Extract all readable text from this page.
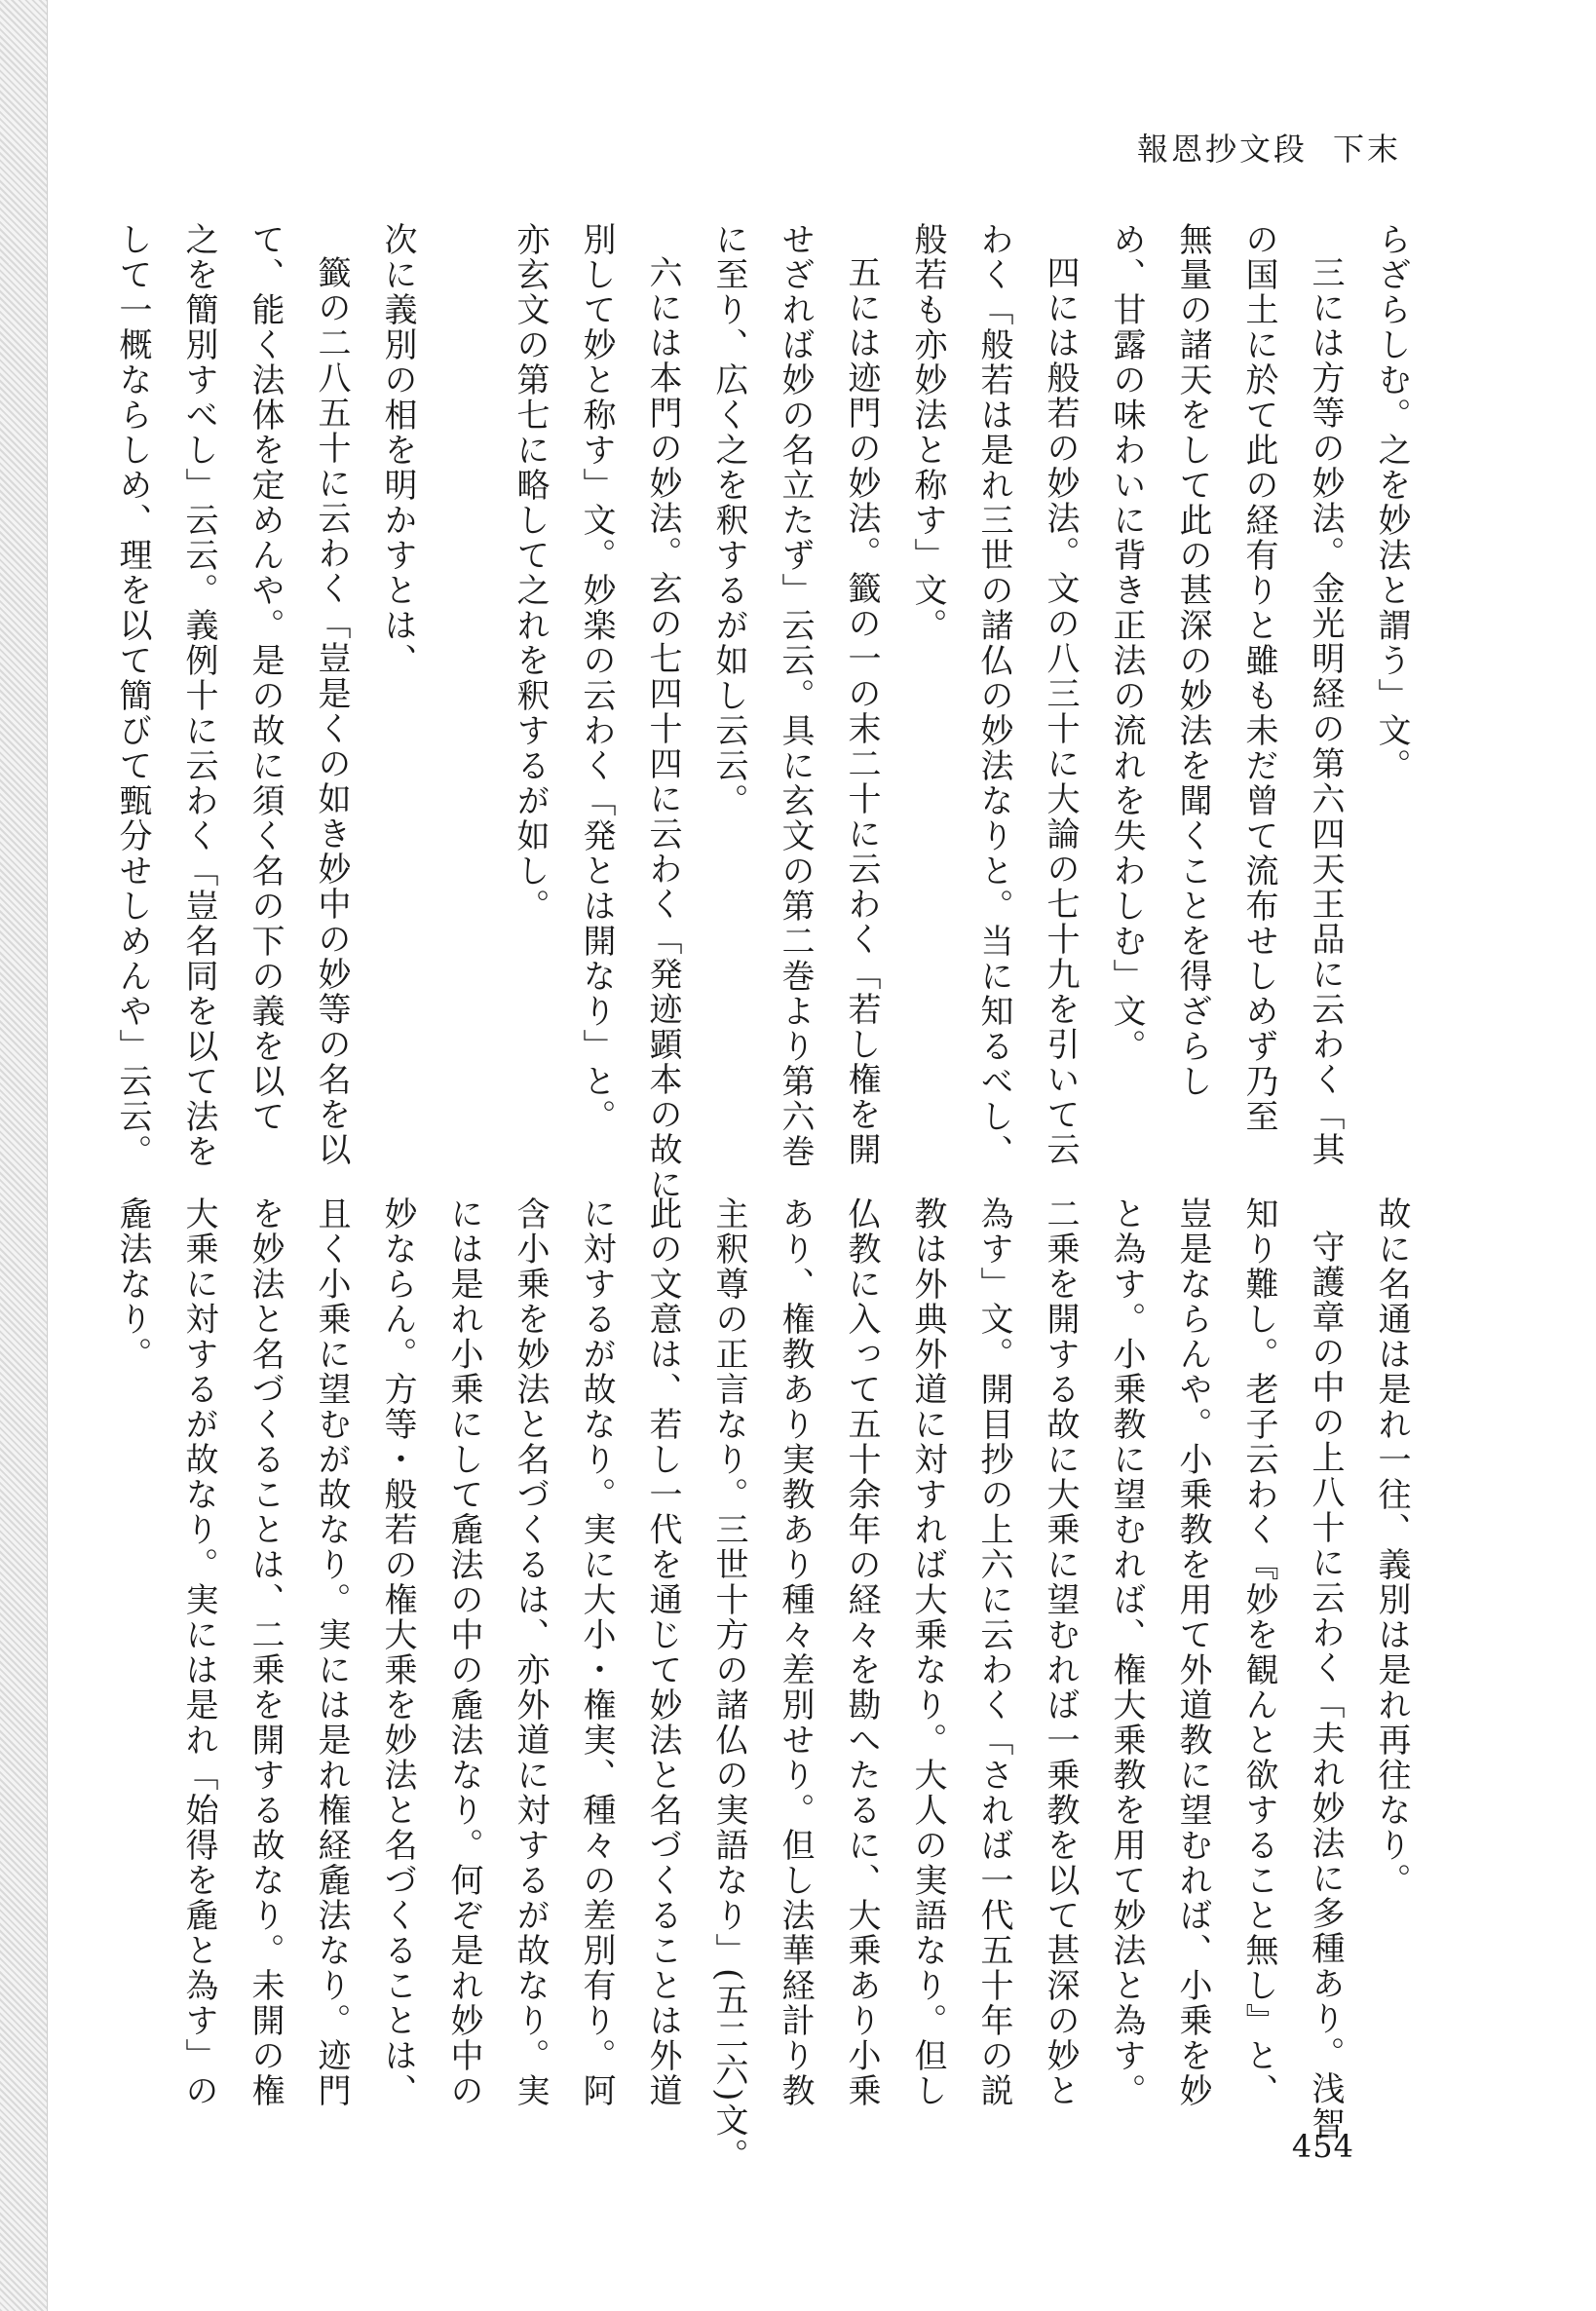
報恩抄文段 下末
らざらしむ。之を妙法と謂う」文。
三には方等の妙法。金光明経の第六四天王品に云わく「其
の国土に於て此の経有りと雖も未だ曾て流布せしめず乃至
無量の諸天をして此の甚深の妙法を聞くことを得ざらし
め、甘露の味わいに背き正法の流れを失わしむ」文。
四には般若の妙法。文の八三十に大論の七十九を引いて云
わく「般若は是れ三世の諸仏の妙法なりと。当に知るべし、
般若も亦妙法と称す」文。
五には迹門の妙法。籤の一の末二十に云わく「若し権を開
せざれば妙の名立たず」云云。具に玄文の第二巻より第六巻
に至り、広く之を釈するが如し云云。
六には本門の妙法。玄の七四十四に云わく「発迹顕本の故に
別して妙と称す」文。妙楽の云わく「発とは開なり」と。
亦玄文の第七に略して之れを釈するが如し。

次に義別の相を明かすとは、
籤の二八五十に云わく「豈是くの如き妙中の妙等の名を以
て、能く法体を定めんや。是の故に須く名の下の義を以て
之を簡別すべし」云云。義例十に云わく「豈名同を以て法を
して一概ならしめ、理を以て簡びて甄分せしめんや」云云。
故に名通は是れ一往、義別は是れ再往なり。
守護章の中の上八十に云わく「夫れ妙法に多種あり。浅智
知り難し。老子云わく『妙を観んと欲すること無し』と、
豈是ならんや。小乗教を用て外道教に望むれば、小乗を妙
と為す。小乗教に望むれば、権大乗教を用て妙法と為す。
二乗を開する故に大乗に望むれば一乗教を以て甚深の妙と
為す」文。開目抄の上六に云わく「されば一代五十年の説
教は外典外道に対すれば大乗なり。大人の実語なり。但し
仏教に入って五十余年の経々を勘へたるに、大乗あり小乗
あり、権教あり実教あり種々差別せり。但し法華経計り教
主釈尊の正言なり。三世十方の諸仏の実語なり」(五二六)文。
此の文意は、若し一代を通じて妙法と名づくることは外道
に対するが故なり。実に大小・権実、種々の差別有り。阿
含小乗を妙法と名づくるは、亦外道に対するが故なり。実
には是れ小乗にして麁法の中の麁法なり。何ぞ是れ妙中の
妙ならん。方等・般若の権大乗を妙法と名づくることは、
且く小乗に望むが故なり。実には是れ権経麁法なり。迹門
を妙法と名づくることは、二乗を開する故なり。未開の権
大乗に対するが故なり。実には是れ「始得を麁と為す」の
麁法なり。
454
